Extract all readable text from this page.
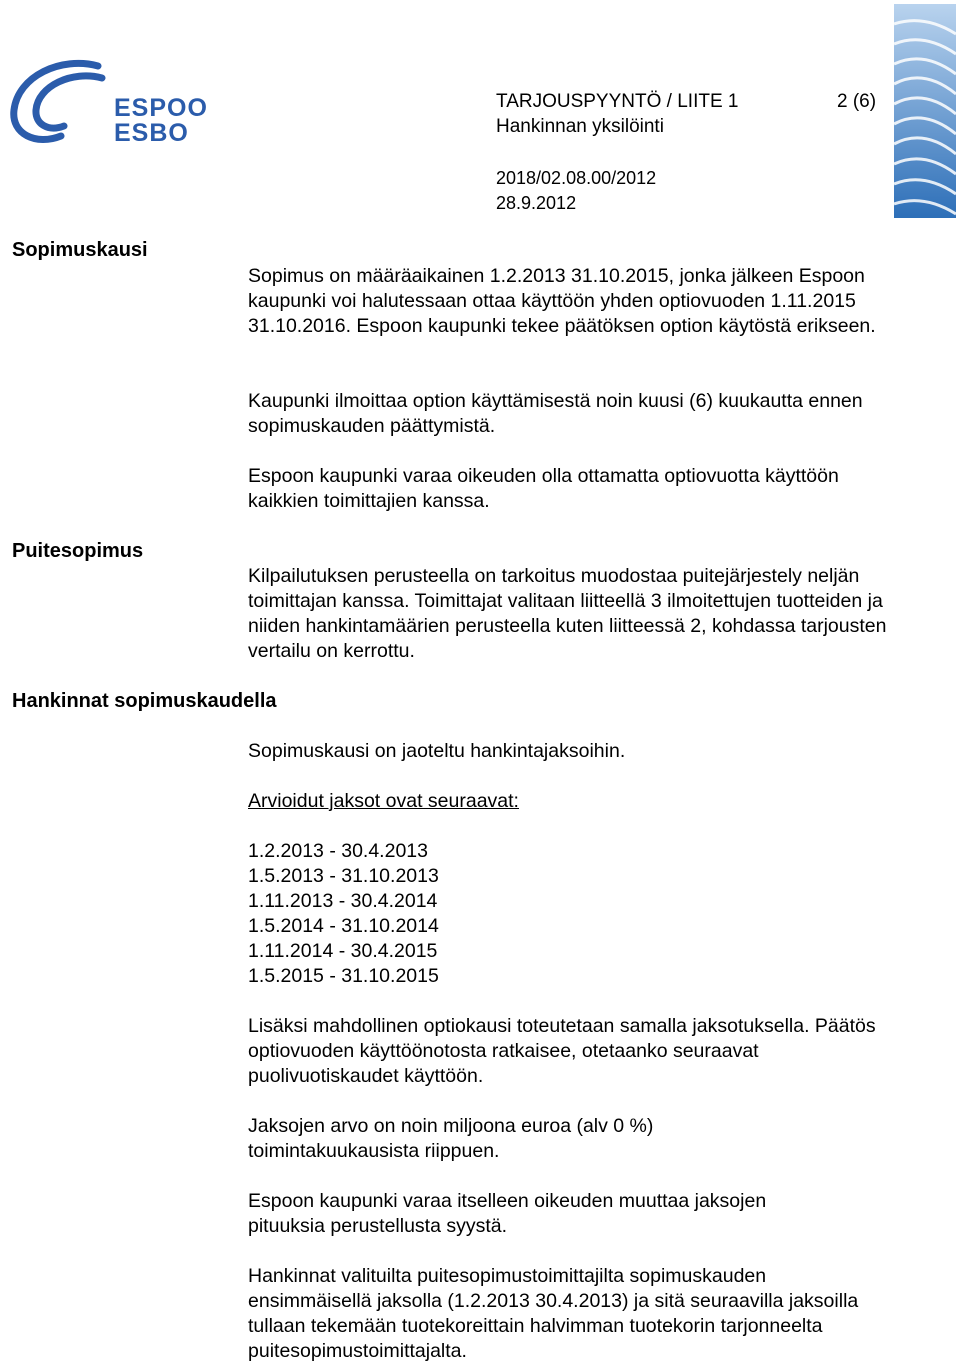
ESPOO
ESBO
TARJOUSPYYNTÖ / LIITE 1	2 (6)
Hankinnan yksilöinti
2018/02.08.00/2012
28.9.2012
Sopimuskausi
Puitesopimus
Hankinnat sopimuskaudella

Sopimus on määräaikainen 1.2.2013 31.10.2015, jonka jälkeen Espoon kaupunki voi halutessaan ottaa käyttöön yhden optiovuoden 1.11.2015 31.10.2016. Espoon kaupunki tekee päätöksen option käytöstä erikseen.

Kaupunki ilmoittaa option käyttämisestä noin kuusi (6) kuukautta ennen sopimuskauden päättymistä.

Espoon kaupunki varaa oikeuden olla ottamatta optiovuotta käyttöön kaikkien toimittajien kanssa.

Kilpailutuksen perusteella on tarkoitus muodostaa puitejärjestely neljän toimittajan kanssa. Toimittajat valitaan liitteellä 3 ilmoitettujen tuotteiden ja niiden hankintamäärien perusteella kuten liitteessä 2, kohdassa tarjousten vertailu on kerrottu.

Sopimuskausi on jaoteltu hankintajaksoihin.

Arvioidut jaksot ovat seuraavat:

1.2.2013 - 30.4.2013

1.5.2013 - 31.10.2013

1.11.2013 - 30.4.2014

1.5.2014 - 31.10.2014

1.11.2014 - 30.4.2015

1.5.2015 - 31.10.2015

Lisäksi mahdollinen optiokausi toteutetaan samalla jaksotuksella. Päätös optiovuoden käyttöönotosta ratkaisee, otetaanko seuraavat puolivuotiskaudet käyttöön.

Jaksojen arvo on noin miljoona euroa (alv 0 %) toimintakuukausista riippuen.

Espoon kaupunki varaa itselleen oikeuden muuttaa jaksojen pituuksia perustellusta syystä.

Hankinnat valituilta puitesopimustoimittajilta sopimuskauden ensimmäisellä jaksolla (1.2.2013 30.4.2013) ja sitä seuraavilla jaksoilla tullaan tekemään tuotekoreittain halvimman tuotekorin tarjonneelta puitesopimustoimittajalta.
